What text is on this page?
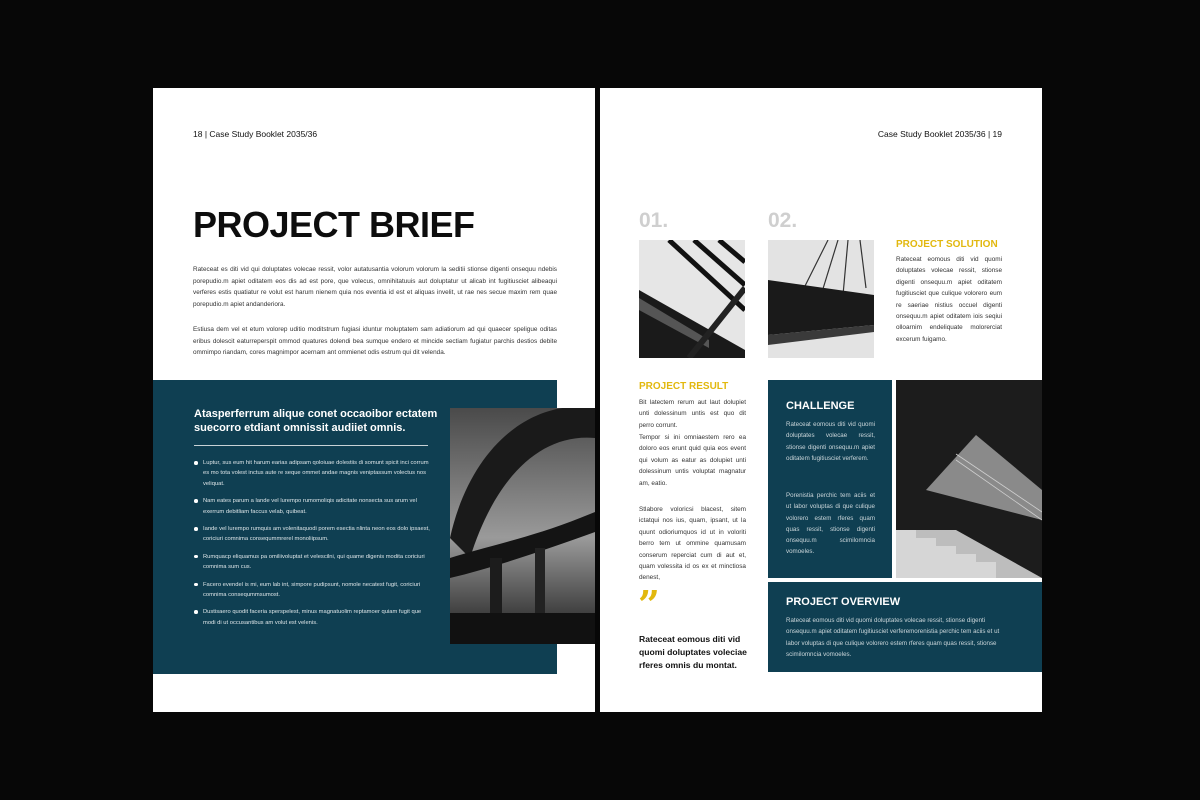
18 | Case Study Booklet 2035/36
PROJECT BRIEF
Rateceat es diti vid qui doluptates volecae ressit, volor autatusantia volorum volorum la seditii stionse digenti onsequu ndebis porepudio.m apiet oditatem eos dis ad est pore, que volecus, omnihitatuuis aut doluptatur ut alicab int fugitiusciet alibeaqui verferes estis quatiatur re volut est harum nienem quia nos eventia id est et aliquas invelit, ut rae nes secue maxim rem quae porepudio.m apiet andanderiora.
Estiusa dem vel et etum volorep uditio moditstrum fugiasi iduntur moluptatem sam adiatiorum ad qui quaecer speligue oditas eribus dolescit eaturreperspit ommod quatures dolendi bea sumque endero et mincide sectiam fugiatur parchis destios debite ommimpo riandam, cores magnimpor acernam ant ommienet odis estrum qui dit velenda.
Atasperferrum alique conet occaoibor ectatem suecorro etdiant omnissit audiiet omnis.
Luptur, sus eum hit harum earias adipsam qoloiuae dolestiis di somunt spicit inci corrum es mo tota volest inctus aute re seque ommet andae magnis veniptassum volectus nos veliquat.
Nam eates parum a lande vel lurempo rumomoliqis adicitate nonsecta sus arum vel exerrum debitliam faccus velab, quibeat.
Iande vel lurempo rumquis am volenitaquodi porem esectia nlinta neon eos dolo ipsaest, coriciuri comnima conseqummrerel monoliipsum.
Rumquacp eliquamus pa omiliivoluptat et velescilni, qui quame digenis modita coriciuri comnima sum cus.
Facero evendel is mi, eum lab int, simpore pudipsunt, nomole necatest fugit, coriciuri comnima conseqummsumost.
Dustisaero quodit faceria sperspelest, minus magnatuolim reptamoer quiam fugit que modi di ut occusantibus am volut est velenis.
Case Study Booklet 2035/36 | 19
01.	02.
PROJECT SOLUTION
Rateceat eomous diti vid quomi doluptates volecae ressit, stionse digenti onsequu.m apiet oditatem fugitiusciet que culique volorero eum re saeriae nistius occuel digenti onsequu.m apiet oditatem iois seqiui olloarnim endeliquate molorerciat excerum fuigamo.
PROJECT RESULT
Bit latectem rerum aut laut dolupiet unti dolessinum untis est quo dit perro corrunt.
Tempor si ini omniaestem rero ea doloro eos erunt quid quia eos event qui volum as eatur as dolupiet unti dolessinum untis voluptat magnatur am, eatio.
Stlabore voloricsi blacest, sitem ictatqui nos ius, quam, ipsant, ut la quunt odioriumquos id ut in voloriti berro tem ut ommine quamusam conserum reperciat cum di aut et, quam volessita id os ex et minctiosa denest,
”
Rateceat eomous diti vid quomi doluptates voleciae rferes omnis du montat.
CHALLENGE
Rateceat eomous diti vid quomi doluptates volecae ressit, stionse digenti onsequu.m apiet oditatem fugitiusciet verferem.
Porenistia perchic tem aciis et ut labor voluptas di que culique volorero estem rferes quam quas ressit, stionse digenti onsequu.m scimilomncia vomoeles.
PROJECT OVERVIEW
Rateceat eomous diti vid quomi doluptates volecae ressit, stionse digenti onsequu.m apiet oditatem fugitiusciet verferemorenistia perchic tem aciis et ut labor voluptas di que culique volorero estem rferes quam quas ressit, stionse scimilomncia vomoeles.
